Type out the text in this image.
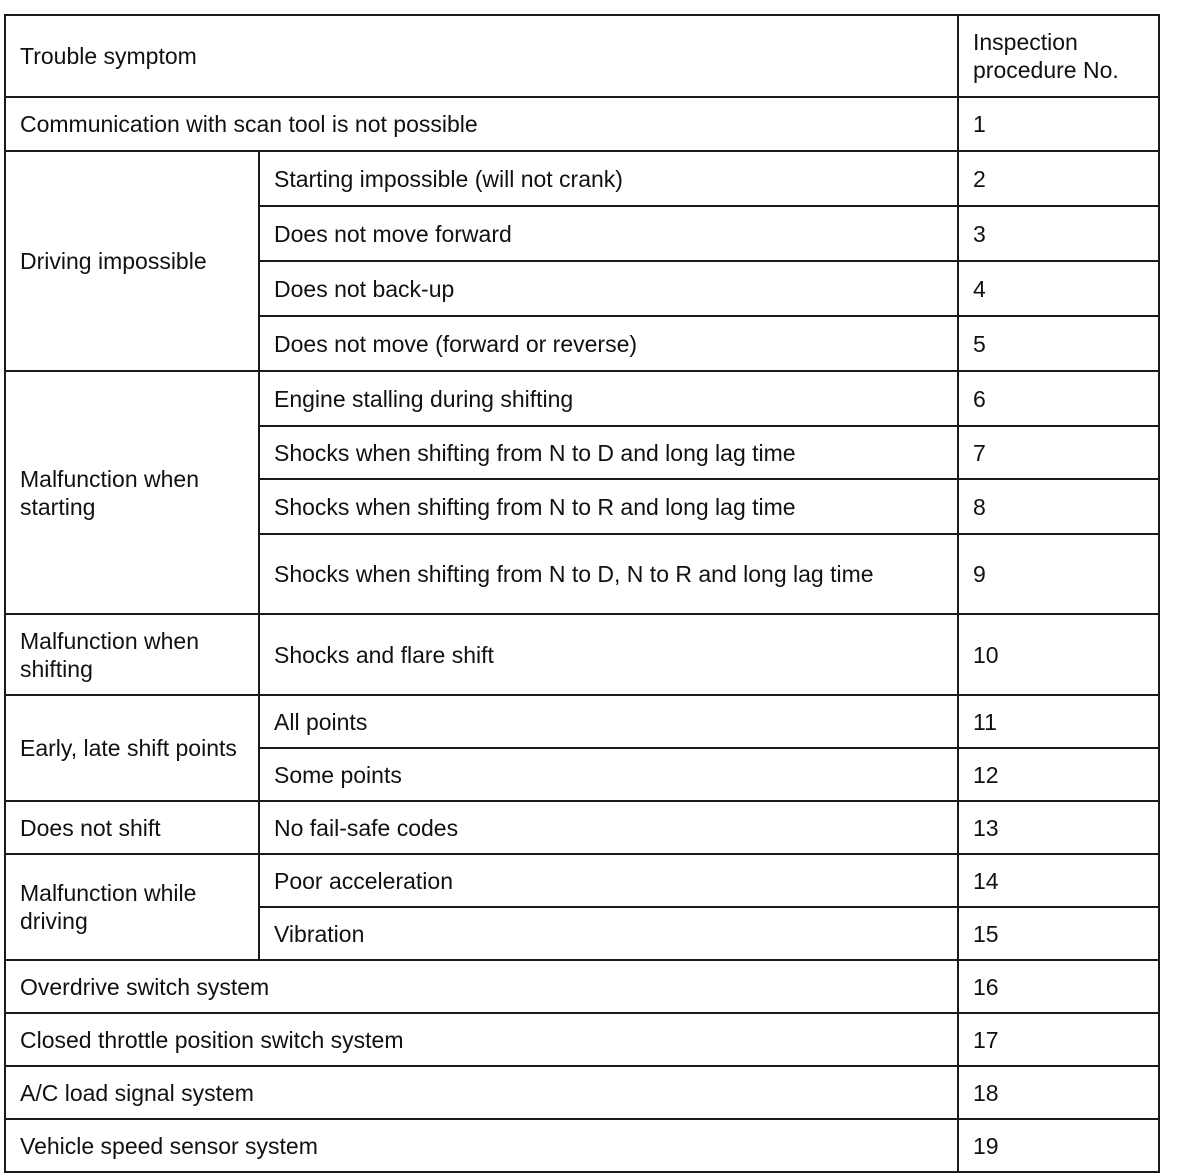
Trouble symptom		Inspection
procedure No.
Communication with scan tool is not possible		1
Driving impossible	Starting impossible (will not crank)	2
	Does not move forward	3
	Does not back-up	4
	Does not move (forward or reverse)	5
Malfunction when starting	Engine stalling during shifting	6
	Shocks when shifting from N to D and long lag time	7
	Shocks when shifting from N to R and long lag time	8
	Shocks when shifting from N to D, N to R and long lag time	9
Malfunction when shifting	Shocks and flare shift	10
Early, late shift points	All points	11
	Some points	12
Does not shift	No fail-safe codes	13
Malfunction while driving	Poor acceleration	14
	Vibration	15
Overdrive switch system		16
Closed throttle position switch system		17
A/C load signal system		18
Vehicle speed sensor system		19
